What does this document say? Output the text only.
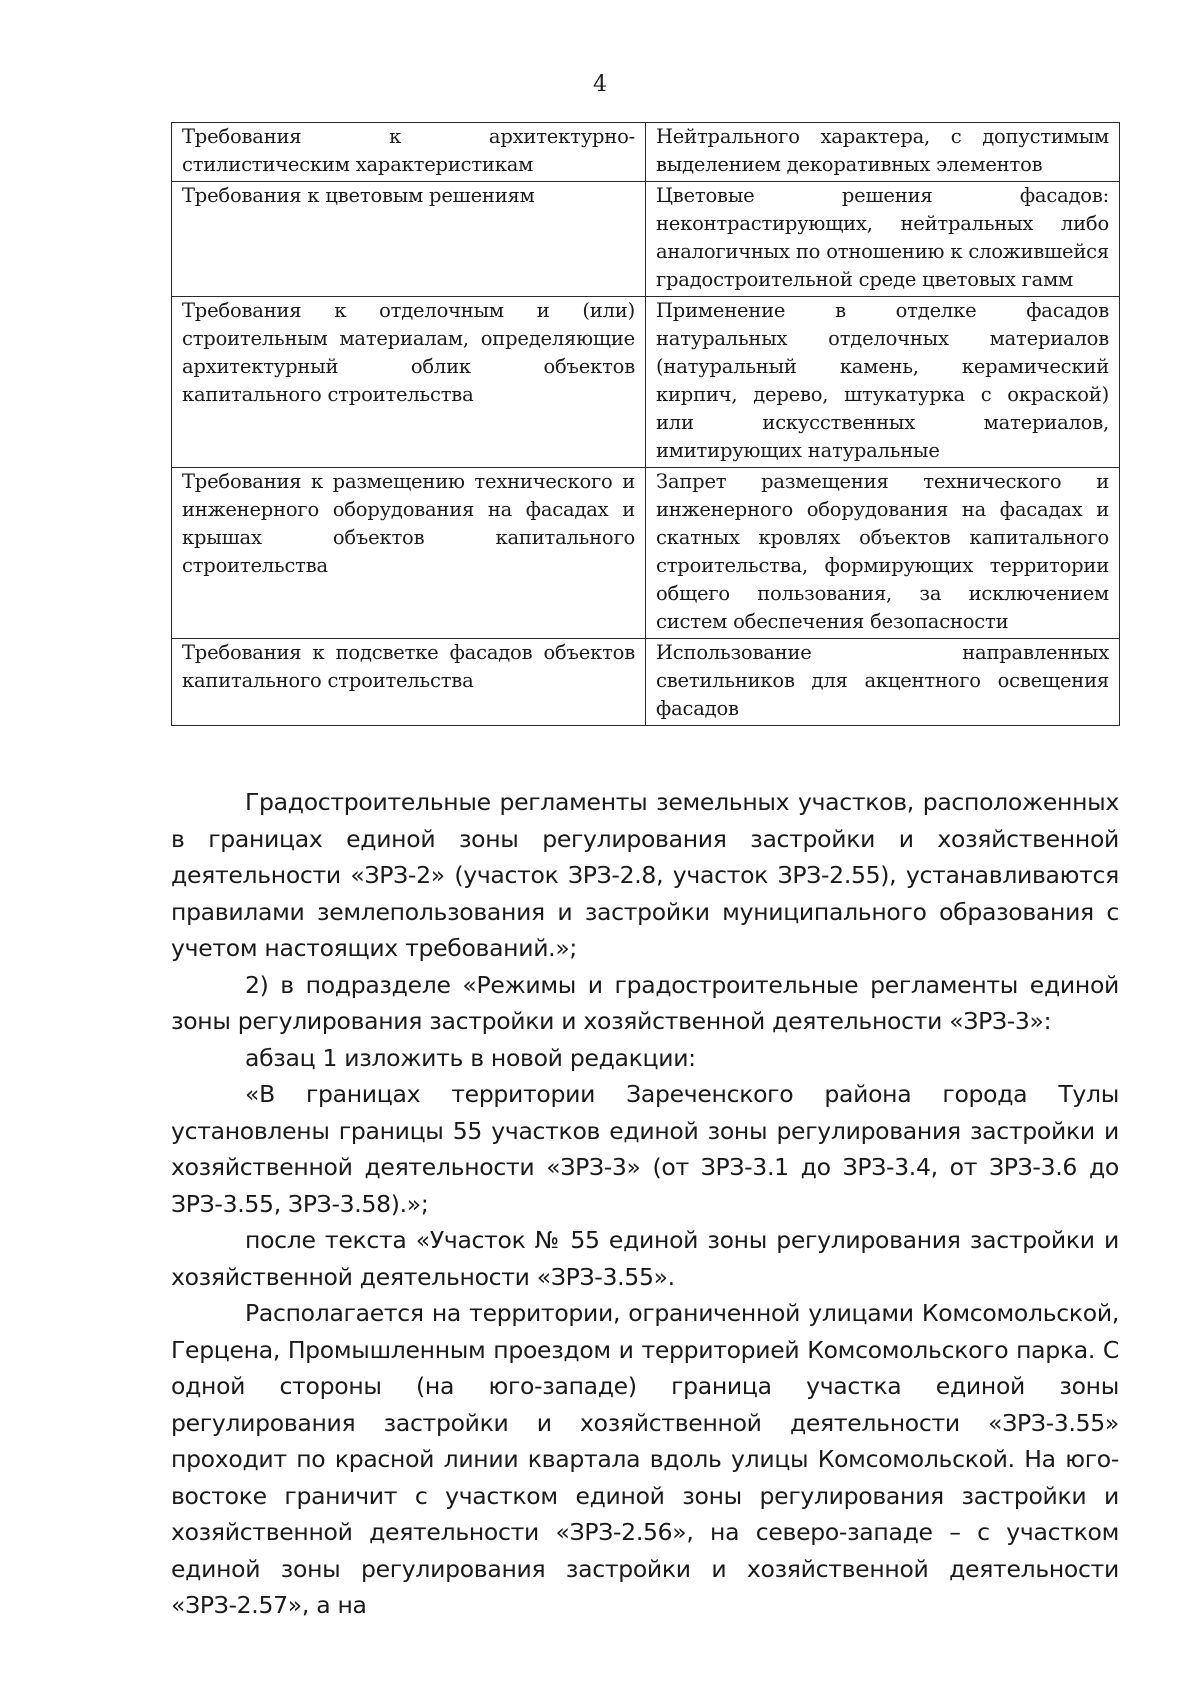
4
Требования к архитектурно-стилистическим характеристикам	Нейтрального характера, с допустимым выделением декоративных элементов
Требования к цветовым решениям	Цветовые решения фасадов: неконтрастирующих, нейтральных либо аналогичных по отношению к сложившейся градостроительной среде цветовых гамм
Требования к отделочным и (или) строительным материалам, определяющие архитектурный облик объектов капитального строительства	Применение в отделке фасадов натуральных отделочных материалов (натуральный камень, керамический кирпич, дерево, штукатурка с окраской) или искусственных материалов, имитирующих натуральные
Требования к размещению технического и инженерного оборудования на фасадах и крышах объектов капитального строительства	Запрет размещения технического и инженерного оборудования на фасадах и скатных кровлях объектов капитального строительства, формирующих территории общего пользования, за исключением систем обеспечения безопасности
Требования к подсветке фасадов объектов капитального строительства	Использование направленных светильников для акцентного освещения фасадов

Градостроительные регламенты земельных участков, расположенных в границах единой зоны регулирования застройки и хозяйственной деятельности «ЗРЗ-2» (участок ЗРЗ-2.8, участок ЗРЗ-2.55), устанавливаются правилами землепользования и застройки муниципального образования с учетом настоящих требований.»;

2) в подразделе «Режимы и градостроительные регламенты единой зоны регулирования застройки и хозяйственной деятельности «ЗРЗ-3»:

абзац 1 изложить в новой редакции:

«В границах территории Зареченского района города Тулы установлены границы 55 участков единой зоны регулирования застройки и хозяйственной деятельности «ЗРЗ-3» (от ЗРЗ-3.1 до ЗРЗ-3.4, от ЗРЗ-3.6 до ЗРЗ-3.55, ЗРЗ-3.58).»;

после текста «Участок № 55 единой зоны регулирования застройки и хозяйственной деятельности «ЗРЗ-3.55».

Располагается на территории, ограниченной улицами Комсомольской, Герцена, Промышленным проездом и территорией Комсомольского парка. С одной стороны (на юго-западе) граница участка единой зоны регулирования застройки и хозяйственной деятельности «ЗРЗ-3.55» проходит по красной линии квартала вдоль улицы Комсомольской. На юго-востоке граничит с участком единой зоны регулирования застройки и хозяйственной деятельности «ЗРЗ-2.56», на северо-западе – с участком единой зоны регулирования застройки и хозяйственной деятельности «ЗРЗ-2.57», а на
